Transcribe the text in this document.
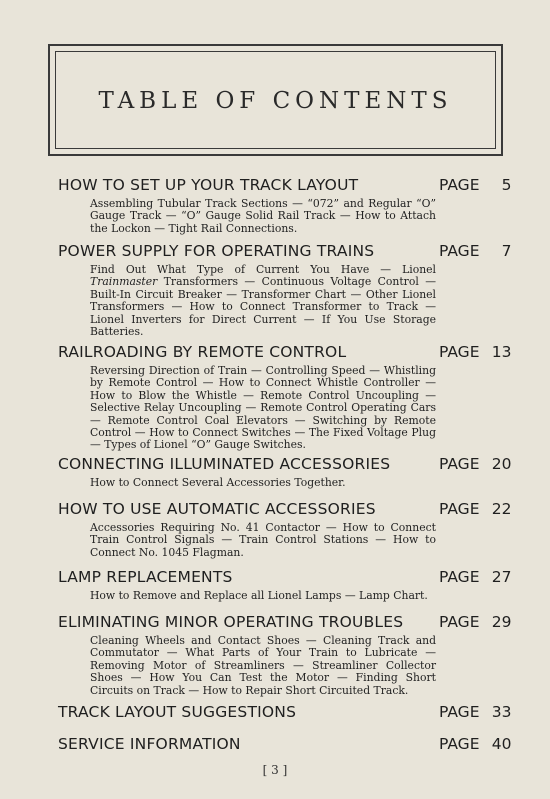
TABLE OF CONTENTS
HOW TO SET UP YOUR TRACK LAYOUT	PAGE 5

Assembling Tubular Track Sections — “072” and Regular “O” Gauge Track — “O” Gauge Solid Rail Track — How to Attach the Lockon — Tight Rail Connections.

POWER SUPPLY FOR OPERATING TRAINS	PAGE 7

Find Out What Type of Current You Have — Lionel Trainmaster Transformers — Continuous Voltage Control — Built-In Circuit Breaker — Transformer Chart — Other Lionel Transformers — How to Connect Transformer to Track — Lionel Inverters for Direct Current — If You Use Storage Batteries.

RAILROADING BY REMOTE CONTROL	PAGE 13

Reversing Direction of Train — Controlling Speed — Whistling by Remote Control — How to Connect Whistle Controller — How to Blow the Whistle — Remote Control Uncoupling — Selective Relay Uncoupling — Remote Control Operating Cars — Remote Control Coal Elevators — Switching by Remote Control — How to Connect Switches — The Fixed Voltage Plug — Types of Lionel “O” Gauge Switches.

CONNECTING ILLUMINATED ACCESSORIES	PAGE 20

How to Connect Several Accessories Together.

HOW TO USE AUTOMATIC ACCESSORIES	PAGE 22

Accessories Requiring No. 41 Contactor — How to Connect Train Control Signals — Train Control Stations — How to Connect No. 1045 Flagman.

LAMP REPLACEMENTS	PAGE 27

How to Remove and Replace all Lionel Lamps — Lamp Chart.

ELIMINATING MINOR OPERATING TROUBLES PAGE 29

Cleaning Wheels and Contact Shoes — Cleaning Track and Commutator — What Parts of Your Train to Lubricate — Removing Motor of Streamliners — Streamliner Collector Shoes — How You Can Test the Motor — Finding Short Circuits on Track — How to Repair Short Circuited Track.

TRACK LAYOUT SUGGESTIONS	PAGE 33
SERVICE INFORMATION	PAGE 40
[ 3 ]
